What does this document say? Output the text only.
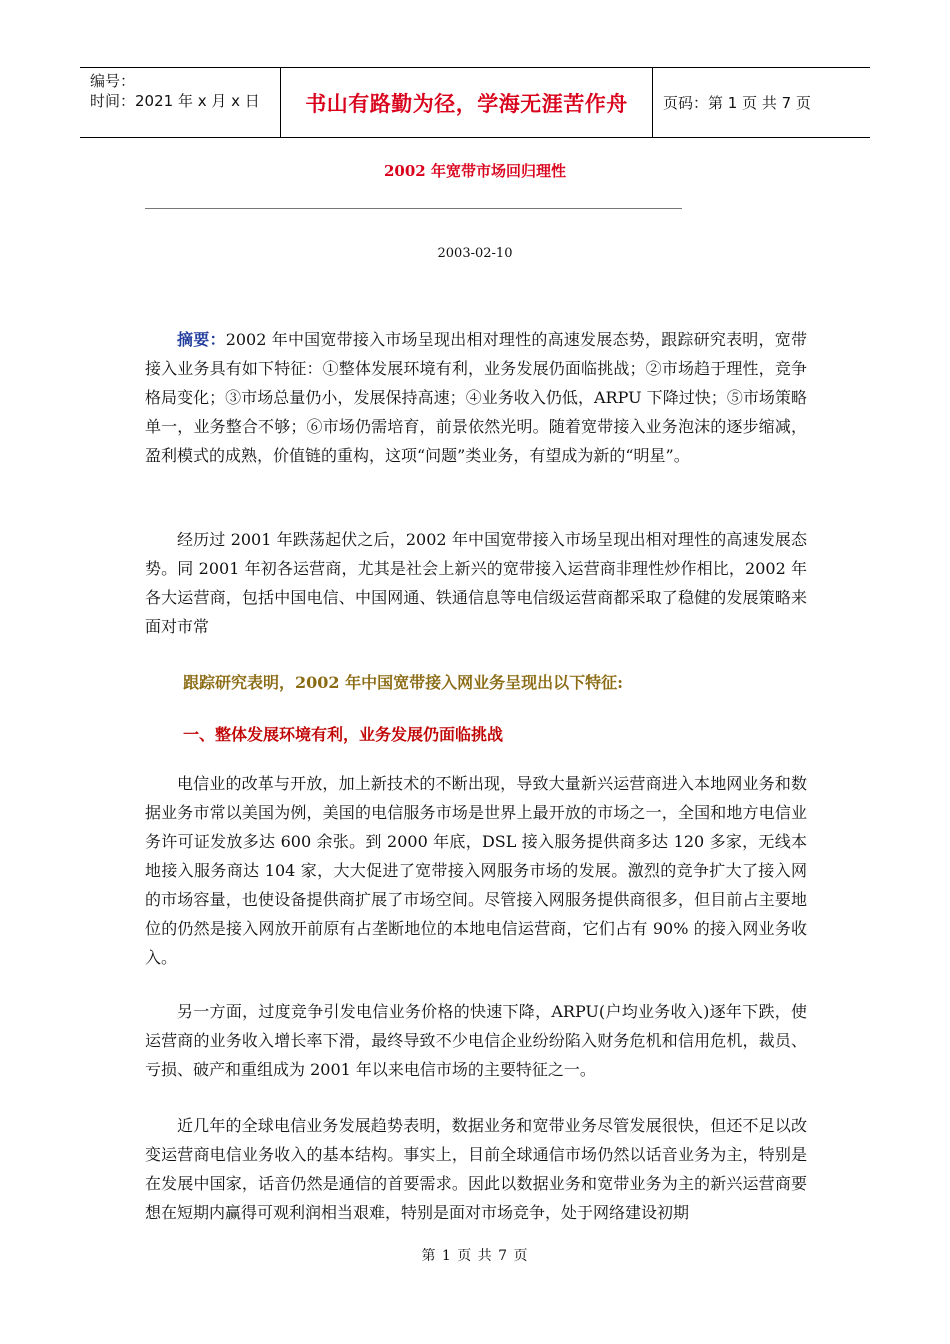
编号：
时间：2021 年 x 月 x 日	书山有路勤为径，学海无涯苦作舟 页码：第 1 页 共 7 页
2002 年宽带市场回归理性
2003-02-10

摘要：2002 年中国宽带接入市场呈现出相对理性的高速发展态势，跟踪研究表明，宽带接入业务具有如下特征：①整体发展环境有利，业务发展仍面临挑战；②市场趋于理性，竞争格局变化；③市场总量仍小，发展保持高速；④业务收入仍低，ARPU 下降过快；⑤市场策略单一，业务整合不够；⑥市场仍需培育，前景依然光明。随着宽带接入业务泡沫的逐步缩减，盈利模式的成熟，价值链的重构，这项“问题”类业务，有望成为新的“明星”。

经历过 2001 年跌荡起伏之后，2002 年中国宽带接入市场呈现出相对理性的高速发展态势。同 2001 年初各运营商，尤其是社会上新兴的宽带接入运营商非理性炒作相比，2002 年各大运营商，包括中国电信、中国网通、铁通信息等电信级运营商都采取了稳健的发展策略来面对市常

跟踪研究表明，2002 年中国宽带接入网业务呈现出以下特征:
一、整体发展环境有利，业务发展仍面临挑战

电信业的改革与开放，加上新技术的不断出现，导致大量新兴运营商进入本地网业务和数据业务市常以美国为例，美国的电信服务市场是世界上最开放的市场之一，全国和地方电信业务许可证发放多达 600 余张。到 2000 年底，DSL 接入服务提供商多达 120 多家，无线本地接入服务商达 104 家，大大促进了宽带接入网服务市场的发展。激烈的竞争扩大了接入网的市场容量，也使设备提供商扩展了市场空间。尽管接入网服务提供商很多，但目前占主要地位的仍然是接入网放开前原有占垄断地位的本地电信运营商，它们占有 90% 的接入网业务收入。

另一方面，过度竞争引发电信业务价格的快速下降，ARPU(户均业务收入)逐年下跌，使运营商的业务收入增长率下滑，最终导致不少电信企业纷纷陷入财务危机和信用危机，裁员、亏损、破产和重组成为 2001 年以来电信市场的主要特征之一。

近几年的全球电信业务发展趋势表明，数据业务和宽带业务尽管发展很快，但还不足以改变运营商电信业务收入的基本结构。事实上，目前全球通信市场仍然以话音业务为主，特别是在发展中国家，话音仍然是通信的首要需求。因此以数据业务和宽带业务为主的新兴运营商要想在短期内赢得可观利润相当艰难，特别是面对市场竞争，处于网络建设初期

第 1 页 共 7 页
